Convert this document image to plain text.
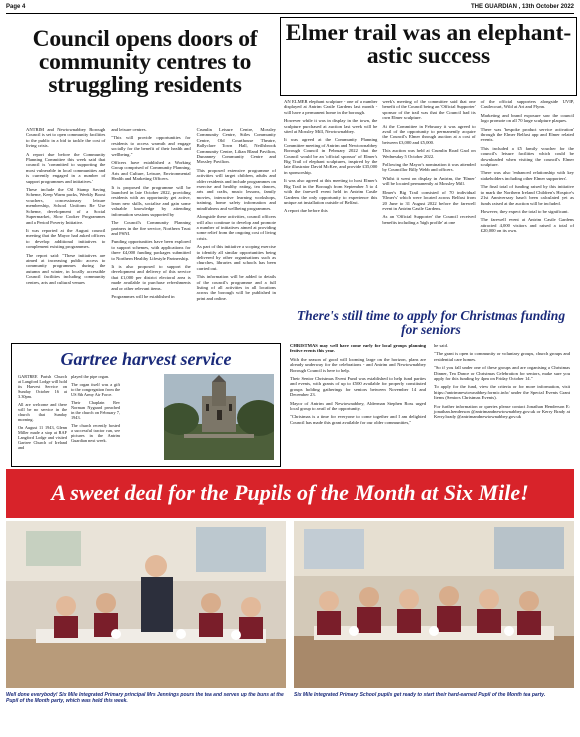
Page 4	THE GUARDIAN , 13th October 2022
Council opens doors of community centres to struggling residents

ANTRIM and Newtownabbey Borough Council is set to open community facilities to the public in a bid to tackle the cost of living crisis.

A report due before the Community Planning Committee this week said that council is 'committed to supporting the most vulnerable in local communities and is currently engaged in a number of support programmes and initiatives.'

These include the Oil Stamp Saving Scheme, Keep Warm packs, Weekly Boost vouchers, concessionary leisure membership, School Uniform Re Use Scheme, development of a Social Supermarket, Slow Cooker Programmes and a Period Poverty Initiative.

It was reported at the August council meeting that the Mayor had asked officers to develop additional initiatives to complement existing programmes.

The report said: "These initiatives are aimed at increasing public access to community programmes during the autumn and winter, in locally accessible Council facilities including community centres, arts and cultural venues

and leisure centres.

"This will provide opportunities for residents to access warmth and engage socially for the benefit of their health and wellbeing."

Officers have established a Working Group comprised of Community Planning, Arts and Culture, Leisure, Environmental Health and Marketing Officers.

It is proposed the programme will be launched in late October 2022, providing residents with an opportunity get active, learn new skills, socialise and gain some valuable knowledge by attending information sessions supported by

The Council's Community Planning partners in the fire service, Northern Trust and PSNI.

Funding opportunities have been explored to support schemes, with applications for three £4,000 funding packages submitted to Northern Healthy Lifestyle Partnership.

It is also proposed to support the development and delivery of this service that £1,000 per district electoral area is made available to purchase refreshments and or other relevant items.

Programmes will be established in

Crumlin Leisure Centre, Mossley Community Centre, Stiles Community Centre, Old Courthouse Theatre, Ballyclare Town Hall, Neillsbrook Community Centre, Lilian Bland Pavilion, Dunanney Community Centre and Mossley Pavilion.

This proposed extensive programme of activities will target children, adults and older residents and include programmes on exercise and healthy eating, tea dances, arts and crafts, music lessons, family movies, interactive learning workshops, training, home safety information and mindfulness and wellbeing programmes.

Alongside these activities, council officers will also continue to develop and promote a number of initiatives aimed at providing some relief from the ongoing cost of living crisis.

As part of this initiative a scoping exercise to identify all similar opportunities being delivered by other organisations such as churches, libraries and schools has been carried out.

This information will be added to details of the council's programme and a full listing of all activities in all locations across the borough will be published in print and online.

Elmer trail was an elephant-astic success

AN ELMER elephant sculpture - one of a number displayed at Antrim Castle Gardens last month - will have a permanent home in the borough.

However while it was in display in the town, the sculpture purchased at auction last week will be sited at Mossley Mill, Newtownabbey.

It was agreed at the Community Planning Committee meeting of Antrim and Newtownabbey Borough Council in February 2022 that the Council would be an 'official sponsor' of Elmer's Big Trail of elephant sculptures, inspired by the late illustrator David McKee, and provide £35,000 in sponsorship.

It was also agreed at this meeting to host Elmer's Big Trail in the Borough from September 5 to 4 with the farewell event held in Antrim Castle Gardens the only opportunity to experience this unique art installation outside of Belfast.

A report due before this

week's meeting of the committee said that one benefit of the Council being an 'Official Supporter' sponsor of the trail was that the Council had its own Elmer sculpture.

At the Committee in February it was agreed to avail of the opportunity to permanently acquire the Council's Elmer through auction at a cost of between £3,000 and £5,000.

This auction was held at Crumlin Road Gaol on Wednesday 5 October 2022.

Following the Mayor's nomination it was attended by Councillor Billy Webb and officers.

Whilst it went on display in Antrim, the 'Elmer' will be located permanently at Mossley Mill.

Elmer's Big Trail consisted of 70 individual 'Elmer's' which were located across Belfast from 20 June to 31 August 2022 before the farewell event in Antrim Castle Gardens.

As an 'Official Supporter' the Council received benefits including a 'high profile' at one

of the official supporters alongside UVIP, Castlecourt, Wild at Art and Flynn.

Marketing and brand exposure saw the council logo promote on all 70 large sculpture plaques.

There was 'bespoke product service activation' through the Elmer Belfast app and Elmer related events.

This included a £5 family voucher for the council's leisure facilities which could be downloaded when visiting the council's Elmer sculpture.

There was also 'enhanced relationship with key stakeholders including other Elmer supporters'.

The final total of funding raised by this initiative to mark the Northern Ireland Children's Hospice's 21st Anniversary hasn't been calculated yet as funds raised at the auction will be included.

However, they expect the total to be significant.

The farewell event at Antrim Castle Gardens attracted 4,000 visitors and raised a total of £20,000 on its own.

There's still time to apply for Christmas funding for seniors

CHRISTMAS may well have come early for local groups planning festive events this year.

With the season of good will looming large on the horizon, plans are already underway for the celebrations - and Antrim and Newtownabbey Borough Council is here to help.

Their Senior Christmas Event Fund was established to help fund parties and events, with grants of up to £500 available for properly constituted groups holding gatherings for seniors between November 14 and December 23.

Mayor of Antrim and Newtownabbey, Alderman Stephen Ross urged local group to avail of the opportunity.

"Christmas is a time for everyone to come together and I am delighted Council has made this grant available for our older communities,"

he said.

"The grant is open to community or voluntary groups, church groups and residential care homes.

"So if you fall under one of these groups and are organising a Christmas Dinner, Tea Dance or Christmas Celebration for seniors, make sure you apply for this funding by 4pm on Friday October 14."

To apply for the fund, view the criteria or for more information, visit https://antrimnewtownabbey.formic.info/ under the Special Events Grant Items (Seniors Christmas Events).

For further information or queries please contact Jonathan Henderson E: jonathan.henderson @antrimandnewtownabbey.gov.uk or Kerry Brady at Kerry.brady @antrimandnewtownabbey.gov.uk

Gartree harvest service

GARTREE Parish Church at Langford Lodge will hold its Harvest Service on Sunday October 16 at 3.30pm.

All are welcome and there will be no service in the church that Sunday morning.

On August 11 1943, Glenn Miller made a stop at RAF Langford Lodge and visited Gartree Church of Ireland and

played the pipe organ.

The organ itself was a gift to the congregation from the US 8th Army Air Force.

Their Chaplain Rev Norman Nygaard preached in the church on February 7, 1943.

The church recently hosted a successful tractor run, see pictures in the Antrim Guardian next week.

A sweet deal for the Pupils of the Month at Six Mile!
Well done everybody! Six Mile Integrated Primary principal Mrs Jennings pours the tea and serves up the buns at the Pupil of the Month party, which was held this week.
Six Mile Integrated Primary School pupils get ready to start their hard-earned Pupil of the Month tea party.
